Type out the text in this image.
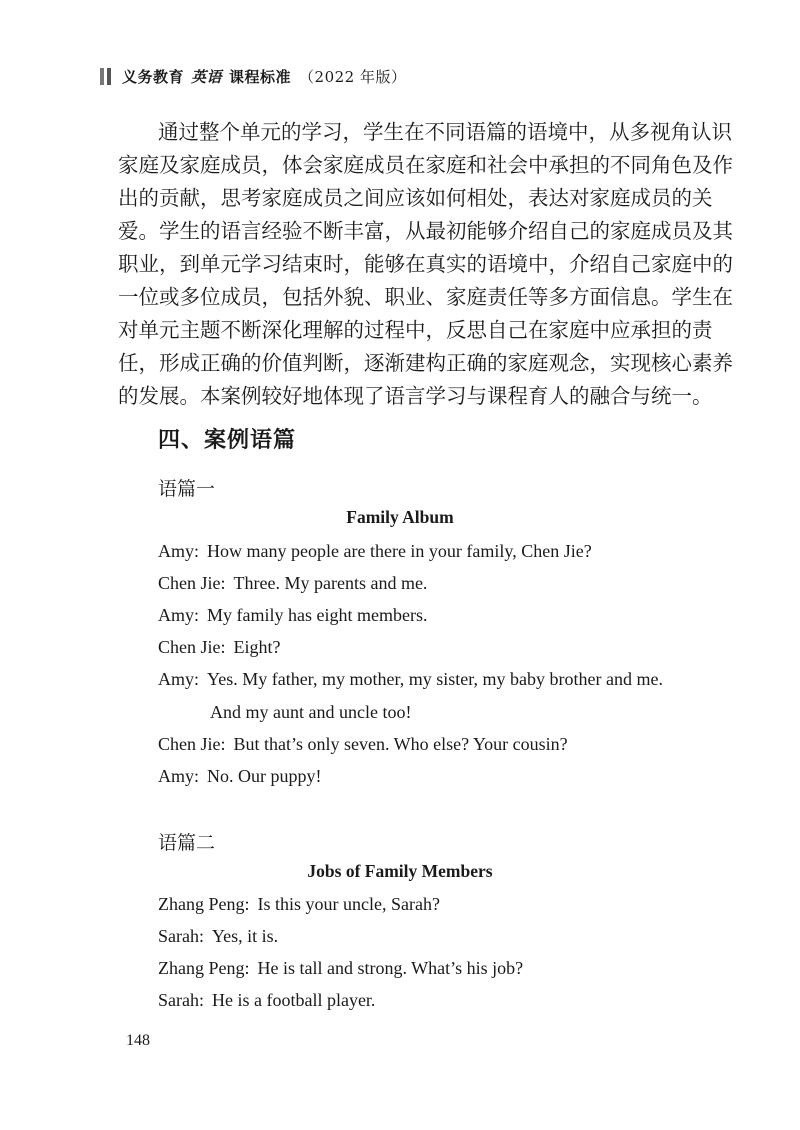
义务教育 英语 课程标准 （2022 年版）

通过整个单元的学习，学生在不同语篇的语境中，从多视角认识

家庭及家庭成员，体会家庭成员在家庭和社会中承担的不同角色及作

出的贡献，思考家庭成员之间应该如何相处，表达对家庭成员的关

爱。学生的语言经验不断丰富，从最初能够介绍自己的家庭成员及其

职业，到单元学习结束时，能够在真实的语境中，介绍自己家庭中的

一位或多位成员，包括外貌、职业、家庭责任等多方面信息。学生在

对单元主题不断深化理解的过程中，反思自己在家庭中应承担的责

任，形成正确的价值判断，逐渐建构正确的家庭观念，实现核心素养

的发展。本案例较好地体现了语言学习与课程育人的融合与统一。

四、案例语篇
语篇一
Family Album
Amy: How many people are there in your family, Chen Jie?
Chen Jie: Three. My parents and me.
Amy: My family has eight members.
Chen Jie: Eight?
Amy: Yes. My father, my mother, my sister, my baby brother and me.
And my aunt and uncle too!
Chen Jie: But that’s only seven. Who else? Your cousin?
Amy: No. Our puppy!
语篇二
Jobs of Family Members
Zhang Peng: Is this your uncle, Sarah?
Sarah: Yes, it is.
Zhang Peng: He is tall and strong. What’s his job?
Sarah: He is a football player.
148
